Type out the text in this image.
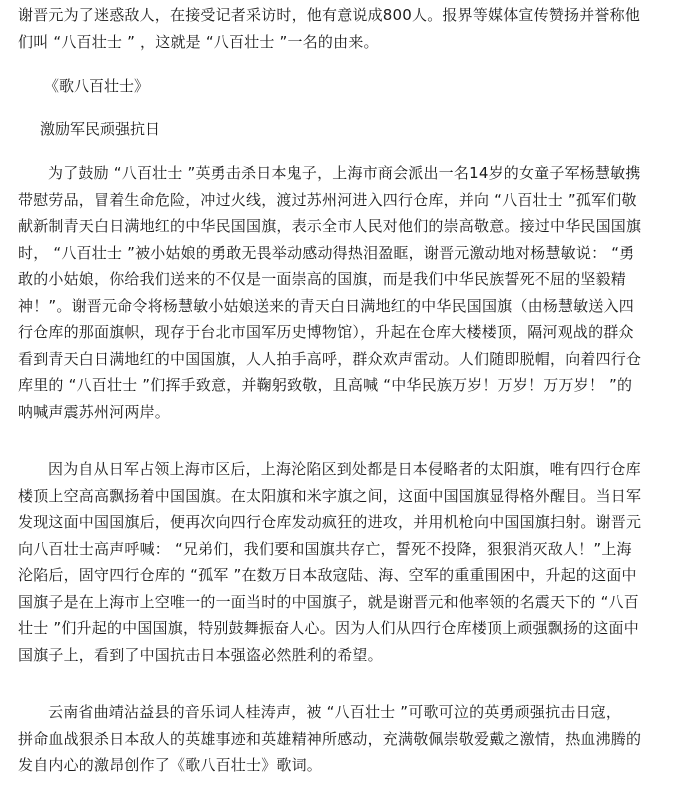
谢晋元为了迷惑敌人，在接受记者采访时，他有意说成800人。报界等媒体宣传赞扬并誉称他
们叫 “八百壮士 ” ，这就是 “八百壮士 ”一名的由来。

《歌八百壮士》

激励军民顽强抗日

为了鼓励 “八百壮士 ”英勇击杀日本鬼子，上海市商会派出一名14岁的女童子军杨慧敏携
带慰劳品，冒着生命危险，冲过火线，渡过苏州河进入四行仓库，并向 “八百壮士 ”孤军们敬
献新制青天白日满地红的中华民国国旗，表示全市人民对他们的崇高敬意。接过中华民国国旗
时， “八百壮士 ”被小姑娘的勇敢无畏举动感动得热泪盈眶，谢晋元激动地对杨慧敏说： “勇
敢的小姑娘，你给我们送来的不仅是一面崇高的国旗，而是我们中华民族誓死不屈的坚毅精
神！”。谢晋元命令将杨慧敏小姑娘送来的青天白日满地红的中华民国国旗（由杨慧敏送入四
行仓库的那面旗帜，现存于台北市国军历史博物馆），升起在仓库大楼楼顶，隔河观战的群众
看到青天白日满地红的中国国旗，人人拍手高呼，群众欢声雷动。人们随即脱帽，向着四行仓
库里的 “八百壮士 ”们挥手致意，并鞠躬致敬，且高喊 “中华民族万岁！万岁！万万岁！ ”的
呐喊声震苏州河两岸。
因为自从日军占领上海市区后，上海沦陷区到处都是日本侵略者的太阳旗，唯有四行仓库
楼顶上空高高飘扬着中国国旗。在太阳旗和米字旗之间，这面中国国旗显得格外醒目。当日军
发现这面中国国旗后，便再次向四行仓库发动疯狂的进攻，并用机枪向中国国旗扫射。谢晋元
向八百壮士高声呼喊： “兄弟们，我们要和国旗共存亡，誓死不投降，狠狠消灭敌人！”上海
沦陷后，固守四行仓库的 “孤军 ”在数万日本敌寇陆、海、空军的重重围困中，升起的这面中
国旗子是在上海市上空唯一的一面当时的中国旗子，就是谢晋元和他率领的名震天下的 “八百
壮士 ”们升起的中国国旗，特别鼓舞振奋人心。因为人们从四行仓库楼顶上顽强飘扬的这面中
国旗子上，看到了中国抗击日本强盗必然胜利的希望。
云南省曲靖沾益县的音乐词人桂涛声，被 “八百壮士 ”可歌可泣的英勇顽强抗击日寇，
拼命血战狠杀日本敌人的英雄事迹和英雄精神所感动，充满敬佩崇敬爱戴之激情，热血沸腾的
发自内心的激昂创作了《歌八百壮士》歌词。
